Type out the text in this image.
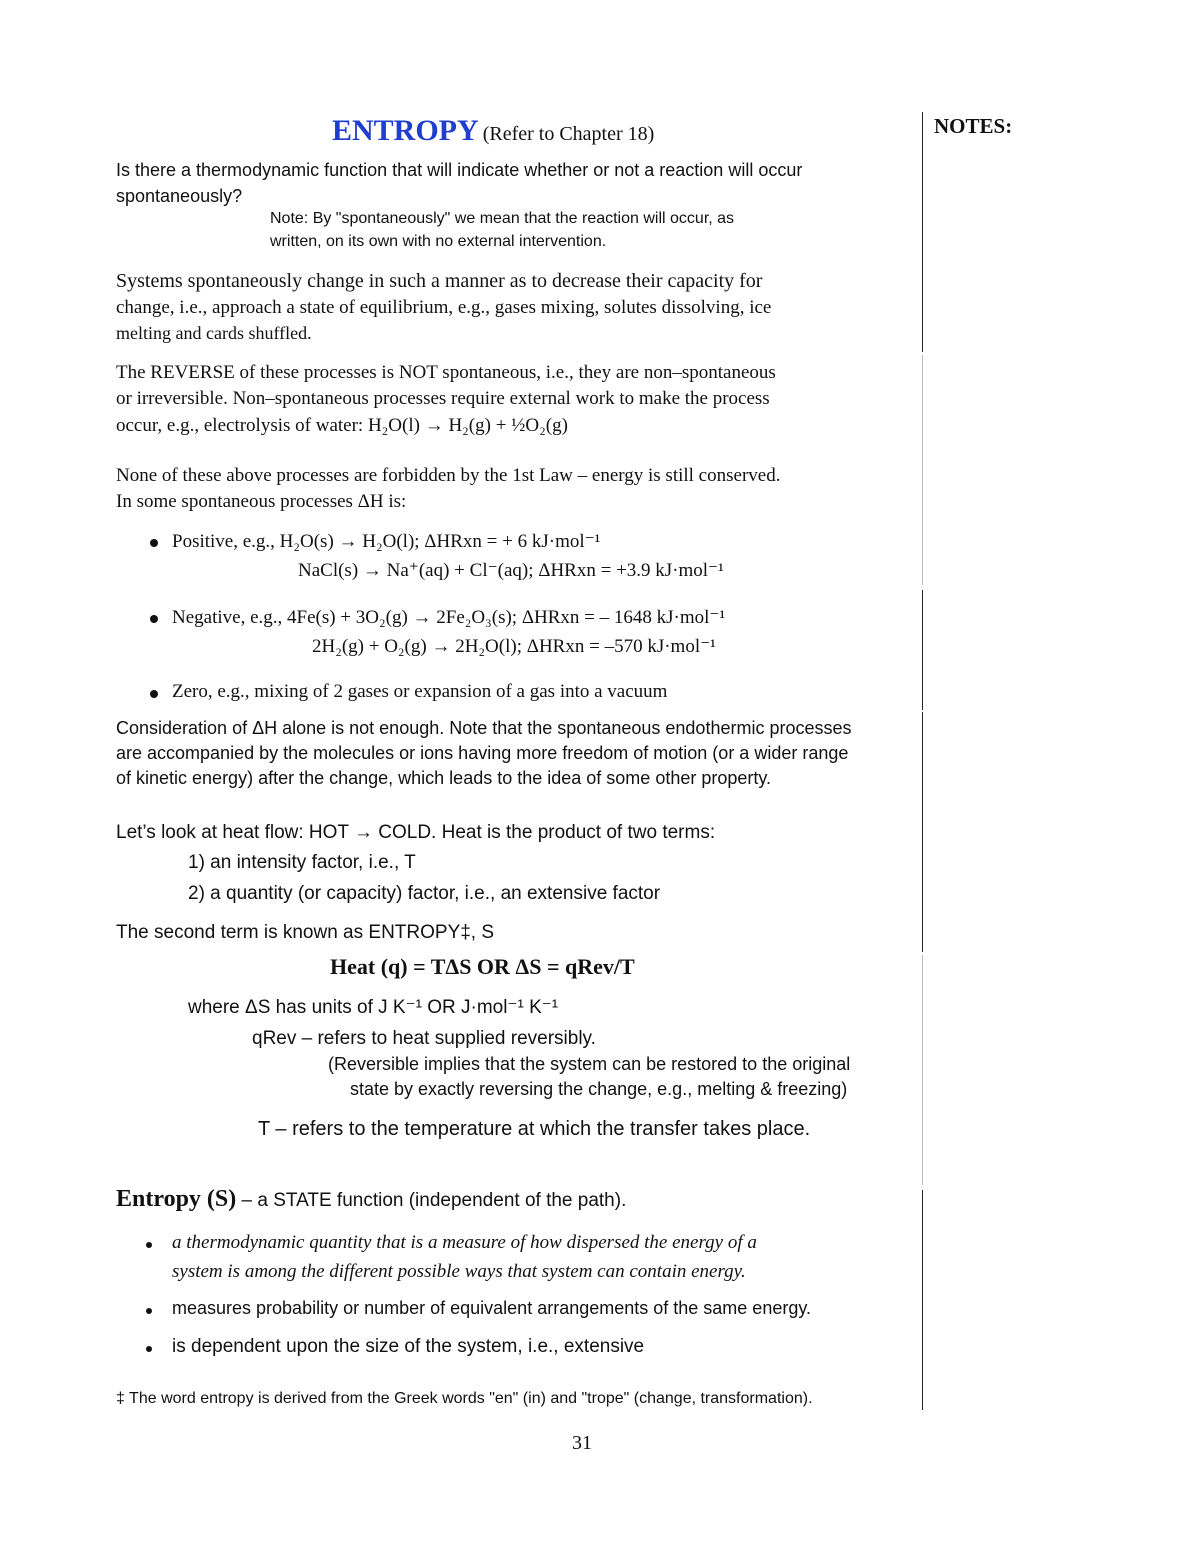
ENTROPY (Refer to Chapter 18)	NOTES:
Is there a thermodynamic function that will indicate whether or not a reaction will occur
spontaneously?
Note: By "spontaneously" we mean that the reaction will occur, as
written, on its own with no external intervention.
Systems spontaneously change in such a manner as to decrease their capacity for
change, i.e., approach a state of equilibrium, e.g., gases mixing, solutes dissolving, ice
melting and cards shuffled.
The REVERSE of these processes is NOT spontaneous, i.e., they are non–spontaneous
or irreversible. Non–spontaneous processes require external work to make the process
occur, e.g., electrolysis of water: H₂O(l) → H₂(g) + ½O₂(g)
None of these above processes are forbidden by the 1st Law – energy is still conserved.
In some spontaneous processes ΔH is:
Positive, e.g., H₂O(s) → H₂O(l); ΔHRxn = + 6 kJ·mol⁻¹
NaCl(s) → Na⁺(aq) + Cl⁻(aq); ΔHRxn = +3.9 kJ·mol⁻¹
Negative, e.g., 4Fe(s) + 3O₂(g) → 2Fe₂O₃(s); ΔHRxn = – 1648 kJ·mol⁻¹
2H₂(g) + O₂(g) → 2H₂O(l); ΔHRxn = –570 kJ·mol⁻¹
Zero, e.g., mixing of 2 gases or expansion of a gas into a vacuum
Consideration of ΔH alone is not enough. Note that the spontaneous endothermic processes
are accompanied by the molecules or ions having more freedom of motion (or a wider range
of kinetic energy) after the change, which leads to the idea of some other property.
Let’s look at heat flow: HOT → COLD. Heat is the product of two terms:
1) an intensity factor, i.e., T
2) a quantity (or capacity) factor, i.e., an extensive factor
The second term is known as ENTROPY‡, S
Heat (q) = TΔS OR ΔS = qRev/T
where ΔS has units of J K⁻¹ OR J·mol⁻¹ K⁻¹
qRev – refers to heat supplied reversibly.
(Reversible implies that the system can be restored to the original
state by exactly reversing the change, e.g., melting & freezing)
T – refers to the temperature at which the transfer takes place.
Entropy (S) – a STATE function (independent of the path).
a thermodynamic quantity that is a measure of how dispersed the energy of a
system is among the different possible ways that system can contain energy.
measures probability or number of equivalent arrangements of the same energy.
is dependent upon the size of the system, i.e., extensive
‡ The word entropy is derived from the Greek words "en" (in) and "trope" (change, transformation).
31
